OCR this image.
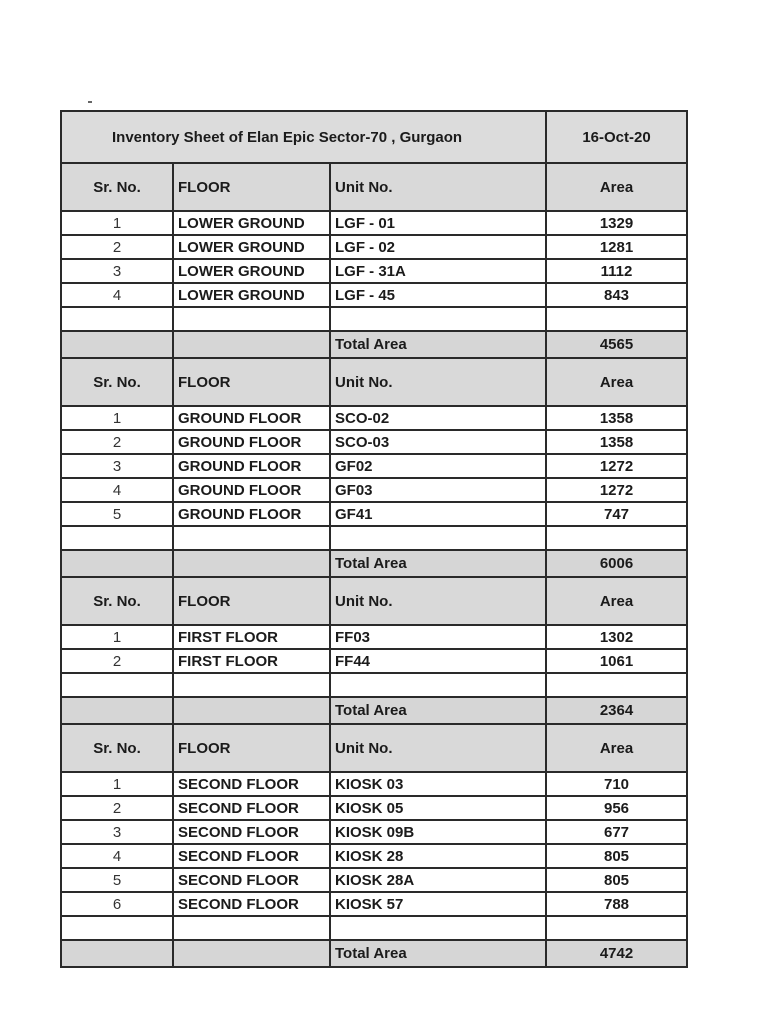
Inventory Sheet of Elan Epic Sector-70 , Gurgaon			16-Oct-20
Sr. No.	FLOOR	Unit No.	Area
1	LOWER GROUND	LGF - 01	1329
2	LOWER GROUND	LGF - 02	1281
3	LOWER GROUND	LGF - 31A	1112
4	LOWER GROUND	LGF - 45	843

		Total Area	4565
Sr. No.	FLOOR	Unit No.	Area
1	GROUND FLOOR	SCO-02	1358
2	GROUND FLOOR	SCO-03	1358
3	GROUND FLOOR	GF02	1272
4	GROUND FLOOR	GF03	1272
5	GROUND FLOOR	GF41	747

		Total Area	6006
Sr. No.	FLOOR	Unit No.	Area
1	FIRST FLOOR	FF03	1302
2	FIRST FLOOR	FF44	1061

		Total Area	2364
Sr. No.	FLOOR	Unit No.	Area
1	SECOND FLOOR	KIOSK 03	710
2	SECOND FLOOR	KIOSK 05	956
3	SECOND FLOOR	KIOSK 09B	677
4	SECOND FLOOR	KIOSK 28	805
5	SECOND FLOOR	KIOSK 28A	805
6	SECOND FLOOR	KIOSK 57	788

		Total Area	4742
